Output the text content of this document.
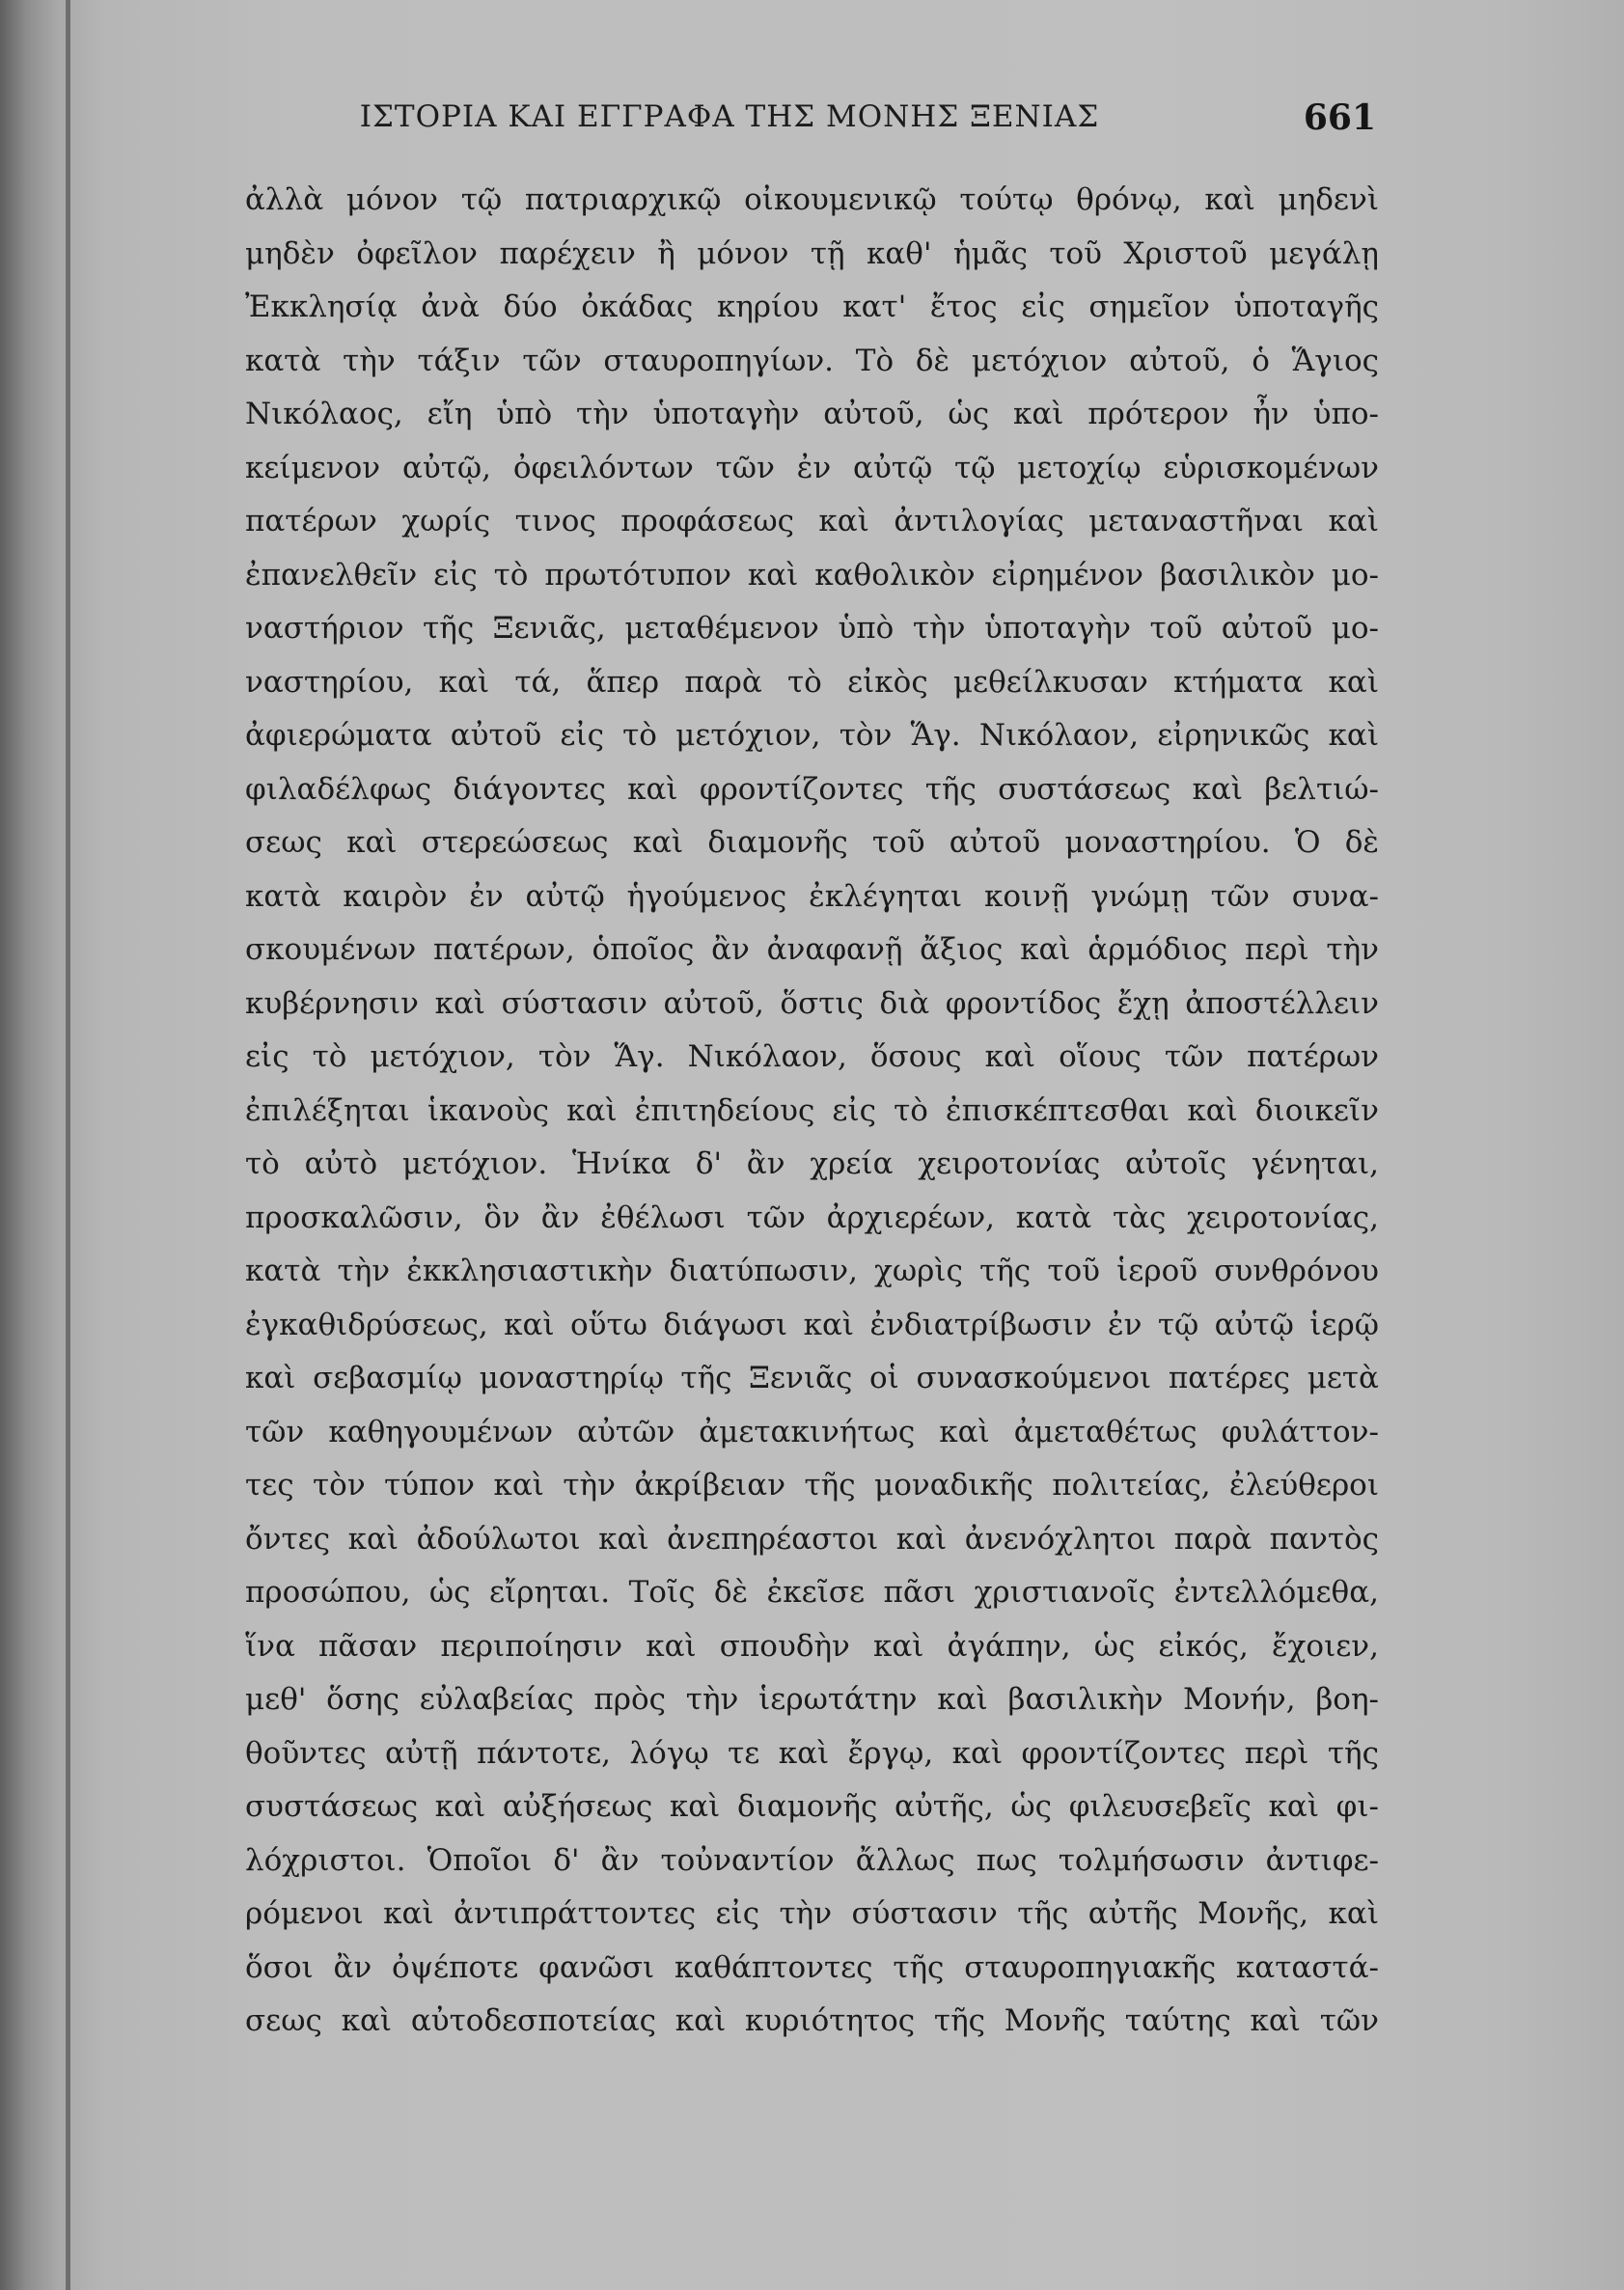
ΙΣΤΟΡΙΑ ΚΑΙ ΕΓΓΡΑΦΑ ΤΗΣ ΜΟΝΗΣ ΞΕΝΙΑΣ	661
ἀλλὰ μόνον τῷ πατριαρχικῷ οἰκουμενικῷ τούτῳ θρόνῳ, καὶ μηδενὶ
μηδὲν ὀφεῖλον παρέχειν ἢ μόνον τῇ καθ' ἡμᾶς τοῦ Χριστοῦ μεγάλῃ
Ἐκκλησίᾳ ἀνὰ δύο ὀκάδας κηρίου κατ' ἔτος εἰς σημεῖον ὑποταγῆς
κατὰ τὴν τάξιν τῶν σταυροπηγίων. Τὸ δὲ μετόχιον αὐτοῦ, ὁ Ἅγιος
Νικόλαος, εἴη ὑπὸ τὴν ὑποταγὴν αὐτοῦ, ὡς καὶ πρότερον ἦν ὑπο-
κείμενον αὐτῷ, ὀφειλόντων τῶν ἐν αὐτῷ τῷ μετοχίῳ εὑρισκομένων
πατέρων χωρίς τινος προφάσεως καὶ ἀντιλογίας μεταναστῆναι καὶ
ἐπανελθεῖν εἰς τὸ πρωτότυπον καὶ καθολικὸν εἰρημένον βασιλικὸν μο-
ναστήριον τῆς Ξενιᾶς, μεταθέμενον ὑπὸ τὴν ὑποταγὴν τοῦ αὐτοῦ μο-
ναστηρίου, καὶ τά, ἅπερ παρὰ τὸ εἰκὸς μεθείλκυσαν κτήματα καὶ
ἀφιερώματα αὐτοῦ εἰς τὸ μετόχιον, τὸν Ἅγ. Νικόλαον, εἰρηνικῶς καὶ
φιλαδέλφως διάγοντες καὶ φροντίζοντες τῆς συστάσεως καὶ βελτιώ-
σεως καὶ στερεώσεως καὶ διαμονῆς τοῦ αὐτοῦ μοναστηρίου. Ὁ δὲ
κατὰ καιρὸν ἐν αὐτῷ ἡγούμενος ἐκλέγηται κοινῇ γνώμῃ τῶν συνα-
σκουμένων πατέρων, ὁποῖος ἂν ἀναφανῇ ἄξιος καὶ ἁρμόδιος περὶ τὴν
κυβέρνησιν καὶ σύστασιν αὐτοῦ, ὅστις διὰ φροντίδος ἔχῃ ἀποστέλλειν
εἰς τὸ μετόχιον, τὸν Ἅγ. Νικόλαον, ὅσους καὶ οἵους τῶν πατέρων
ἐπιλέξηται ἱκανοὺς καὶ ἐπιτηδείους εἰς τὸ ἐπισκέπτεσθαι καὶ διοικεῖν
τὸ αὐτὸ μετόχιον. Ἡνίκα δ' ἂν χρεία χειροτονίας αὐτοῖς γένηται,
προσκαλῶσιν, ὃν ἂν ἐθέλωσι τῶν ἀρχιερέων, κατὰ τὰς χειροτονίας,
κατὰ τὴν ἐκκλησιαστικὴν διατύπωσιν, χωρὶς τῆς τοῦ ἱεροῦ συνθρόνου
ἐγκαθιδρύσεως, καὶ οὕτω διάγωσι καὶ ἐνδιατρίβωσιν ἐν τῷ αὐτῷ ἱερῷ
καὶ σεβασμίῳ μοναστηρίῳ τῆς Ξενιᾶς οἱ συνασκούμενοι πατέρες μετὰ
τῶν καθηγουμένων αὐτῶν ἀμετακινήτως καὶ ἀμεταθέτως φυλάττον-
τες τὸν τύπον καὶ τὴν ἀκρίβειαν τῆς μοναδικῆς πολιτείας, ἐλεύθεροι
ὄντες καὶ ἀδούλωτοι καὶ ἀνεπηρέαστοι καὶ ἀνενόχλητοι παρὰ παντὸς
προσώπου, ὡς εἴρηται. Τοῖς δὲ ἐκεῖσε πᾶσι χριστιανοῖς ἐντελλόμεθα,
ἵνα πᾶσαν περιποίησιν καὶ σπουδὴν καὶ ἀγάπην, ὡς εἰκός, ἔχοιεν,
μεθ' ὅσης εὐλαβείας πρὸς τὴν ἱερωτάτην καὶ βασιλικὴν Μονήν, βοη-
θοῦντες αὐτῇ πάντοτε, λόγῳ τε καὶ ἔργῳ, καὶ φροντίζοντες περὶ τῆς
συστάσεως καὶ αὐξήσεως καὶ διαμονῆς αὐτῆς, ὡς φιλευσεβεῖς καὶ φι-
λόχριστοι. Ὁποῖοι δ' ἂν τοὐναντίον ἄλλως πως τολμήσωσιν ἀντιφε-
ρόμενοι καὶ ἀντιπράττοντες εἰς τὴν σύστασιν τῆς αὐτῆς Μονῆς, καὶ
ὅσοι ἂν ὀψέποτε φανῶσι καθάπτοντες τῆς σταυροπηγιακῆς καταστά-
σεως καὶ αὐτοδεσποτείας καὶ κυριότητος τῆς Μονῆς ταύτης καὶ τῶν
